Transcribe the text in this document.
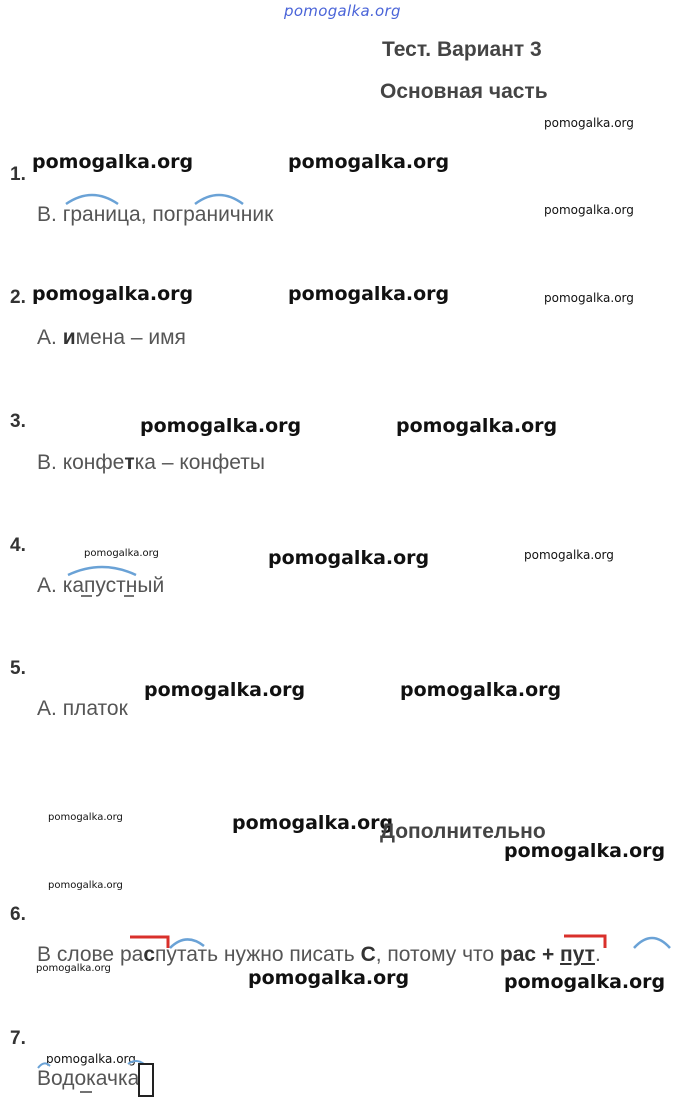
pomogalka.org
Тест. Вариант 3
Основная часть
pomogalka.org
1.
pomogalka.org	pomogalka.org
pomogalka.org
В. граница, пограничник
2. pomogalka.org	pomogalka.org	pomogalka.org
А. имена – имя
3.	pomogalka.org	pomogalka.org
В. конфетка – конфеты
4.	pomogalka.org	pomogalka.org	pomogalka.org
А. капустный
5.
pomogalka.org	pomogalka.org
А. платок
pomogalka.org	pomogalka.org
Дополнительно
pomogalka.org
pomogalka.org
6.
В слове распутать нужно писать С, потому что рас + пут.
pomogalka.org	pomogalka.org	pomogalka.org
7.
pomogalka.org
Водокачка
